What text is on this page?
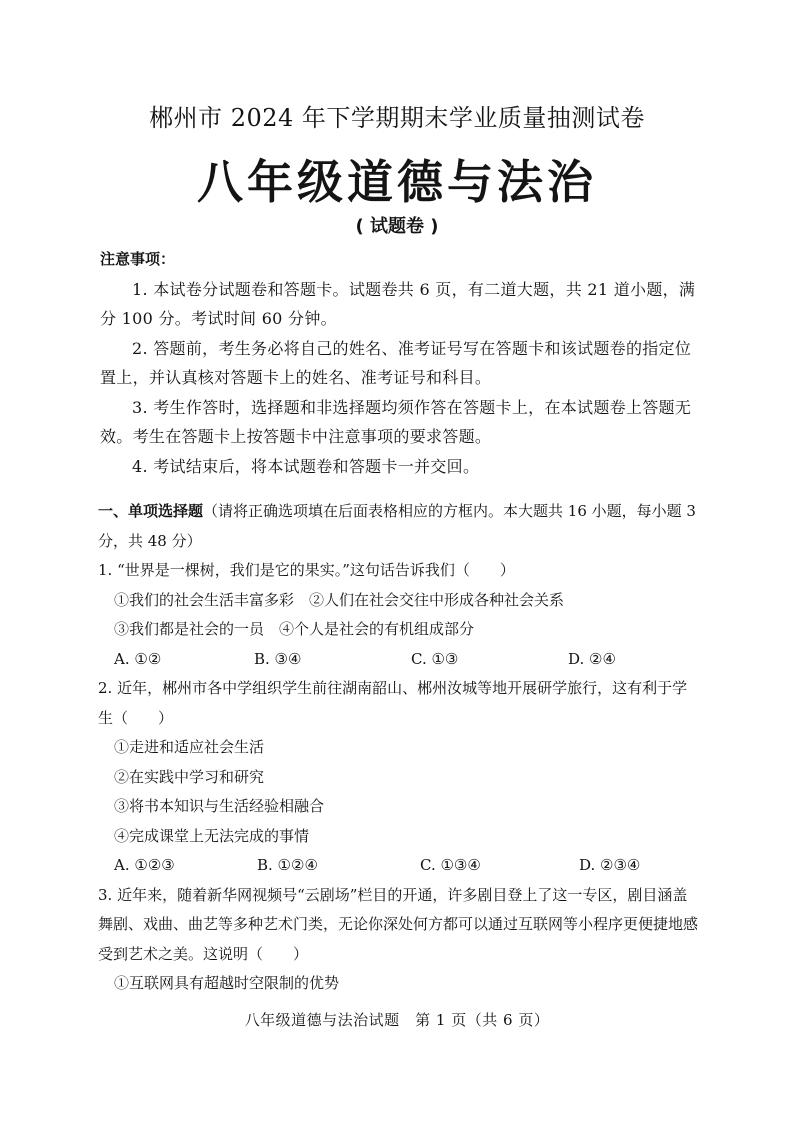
郴州市 2024 年下学期期末学业质量抽测试卷
八年级道德与法治
( 试题卷 )
注意事项：

1. 本试卷分试题卷和答题卡。试题卷共 6 页，有二道大题，共 21 道小题，满分 100 分。考试时间 60 分钟。

2. 答题前，考生务必将自己的姓名、准考证号写在答题卡和该试题卷的指定位置上，并认真核对答题卡上的姓名、准考证号和科目。

3. 考生作答时，选择题和非选择题均须作答在答题卡上，在本试题卷上答题无效。考生在答题卡上按答题卡中注意事项的要求答题。

4. 考试结束后，将本试题卷和答题卡一并交回。

一、单项选择题（请将正确选项填在后面表格相应的方框内。本大题共 16 小题，每小题 3 分，共 48 分）

1. “世界是一棵树，我们是它的果实。”这句话告诉我们（　　）

①我们的社会生活丰富多彩　②人们在社会交往中形成各种社会关系

③我们都是社会的一员　④个人是社会的有机组成部分

A. ①②	B. ③④	C. ①③	D. ②④

2. 近年，郴州市各中学组织学生前往湖南韶山、郴州汝城等地开展研学旅行，这有利于学生（　　）

①走进和适应社会生活

②在实践中学习和研究

③将书本知识与生活经验相融合

④完成课堂上无法完成的事情

A. ①②③	B. ①②④	C. ①③④	D. ②③④

3. 近年来，随着新华网视频号“云剧场”栏目的开通，许多剧目登上了这一专区，剧目涵盖舞剧、戏曲、曲艺等多种艺术门类，无论你深处何方都可以通过互联网等小程序更便捷地感受到艺术之美。这说明（　　）

①互联网具有超越时空限制的优势

八年级道德与法治试题　第 1 页（共 6 页）
